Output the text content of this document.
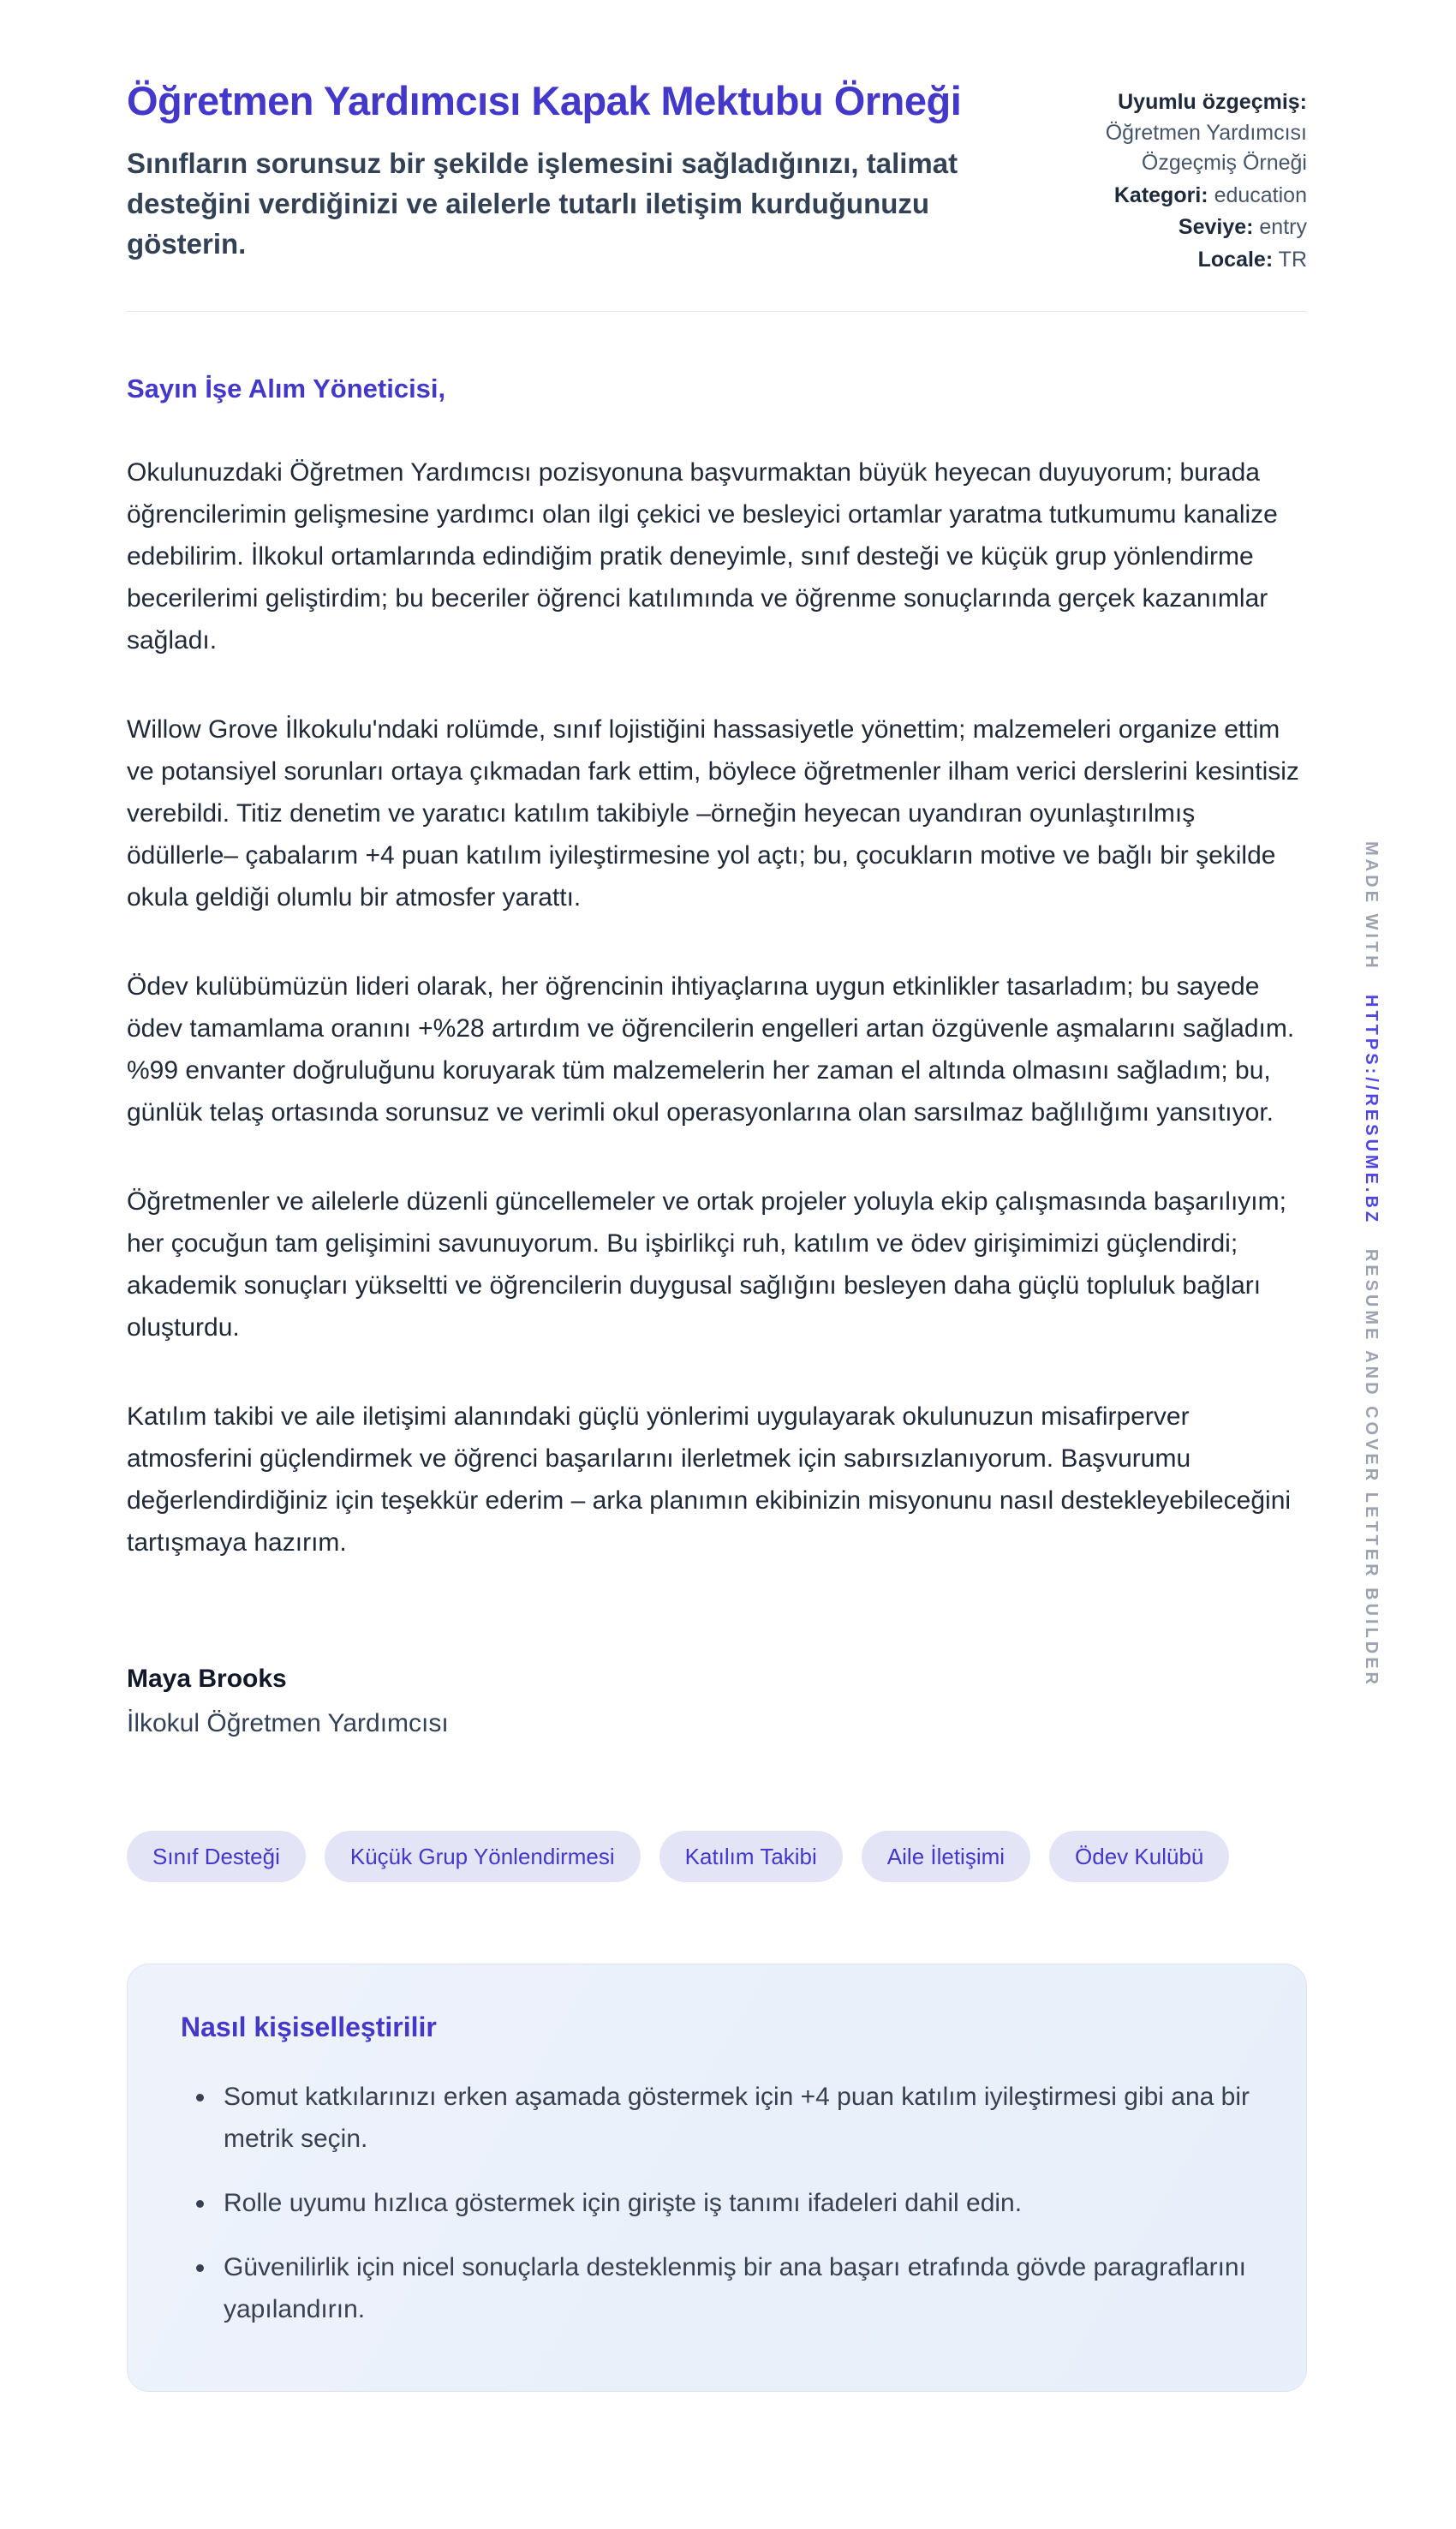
Öğretmen Yardımcısı Kapak Mektubu Örneği

Sınıfların sorunsuz bir şekilde işlemesini sağladığınızı, talimat desteğini verdiğinizi ve ailelerle tutarlı iletişim kurduğunuzu gösterin.

Uyumlu özgeçmiş:
Öğretmen Yardımcısı Özgeçmiş Örneği
Kategori: education
Seviye: entry
Locale: TR

Sayın İşe Alım Yöneticisi,

Okulunuzdaki Öğretmen Yardımcısı pozisyonuna başvurmaktan büyük heyecan duyuyorum; burada öğrencilerimin gelişmesine yardımcı olan ilgi çekici ve besleyici ortamlar yaratma tutkumumu kanalize edebilirim. İlkokul ortamlarında edindiğim pratik deneyimle, sınıf desteği ve küçük grup yönlendirme becerilerimi geliştirdim; bu beceriler öğrenci katılımında ve öğrenme sonuçlarında gerçek kazanımlar sağladı.

Willow Grove İlkokulu'ndaki rolümde, sınıf lojistiğini hassasiyetle yönettim; malzemeleri organize ettim ve potansiyel sorunları ortaya çıkmadan fark ettim, böylece öğretmenler ilham verici derslerini kesintisiz verebildi. Titiz denetim ve yaratıcı katılım takibiyle –örneğin heyecan uyandıran oyunlaştırılmış ödüllerle– çabalarım +4 puan katılım iyileştirmesine yol açtı; bu, çocukların motive ve bağlı bir şekilde okula geldiği olumlu bir atmosfer yarattı.

Ödev kulübümüzün lideri olarak, her öğrencinin ihtiyaçlarına uygun etkinlikler tasarladım; bu sayede ödev tamamlama oranını +%28 artırdım ve öğrencilerin engelleri artan özgüvenle aşmalarını sağladım. %99 envanter doğruluğunu koruyarak tüm malzemelerin her zaman el altında olmasını sağladım; bu, günlük telaş ortasında sorunsuz ve verimli okul operasyonlarına olan sarsılmaz bağlılığımı yansıtıyor.

Öğretmenler ve ailelerle düzenli güncellemeler ve ortak projeler yoluyla ekip çalışmasında başarılıyım; her çocuğun tam gelişimini savunuyorum. Bu işbirlikçi ruh, katılım ve ödev girişimimizi güçlendirdi; akademik sonuçları yükseltti ve öğrencilerin duygusal sağlığını besleyen daha güçlü topluluk bağları oluşturdu.

Katılım takibi ve aile iletişimi alanındaki güçlü yönlerimi uygulayarak okulunuzun misafirperver atmosferini güçlendirmek ve öğrenci başarılarını ilerletmek için sabırsızlanıyorum. Başvurumu değerlendirdiğiniz için teşekkür ederim – arka planımın ekibinizin misyonunu nasıl destekleyebileceğini tartışmaya hazırım.

Maya Brooks

İlkokul Öğretmen Yardımcısı

Sınıf Desteği	Küçük Grup Yönlendirmesi	Katılım Takibi	Aile İletişimi	Ödev Kulübü
Nasıl kişiselleştirilir
• Somut katkılarınızı erken aşamada göstermek için +4 puan katılım iyileştirmesi gibi ana bir metrik seçin.
• Rolle uyumu hızlıca göstermek için girişte iş tanımı ifadeleri dahil edin.
• Güvenilirlik için nicel sonuçlarla desteklenmiş bir ana başarı etrafında gövde paragraflarını yapılandırın.
MADE WITH HTTPS://RESUME.BZ RESUME AND COVER LETTER BUILDER
